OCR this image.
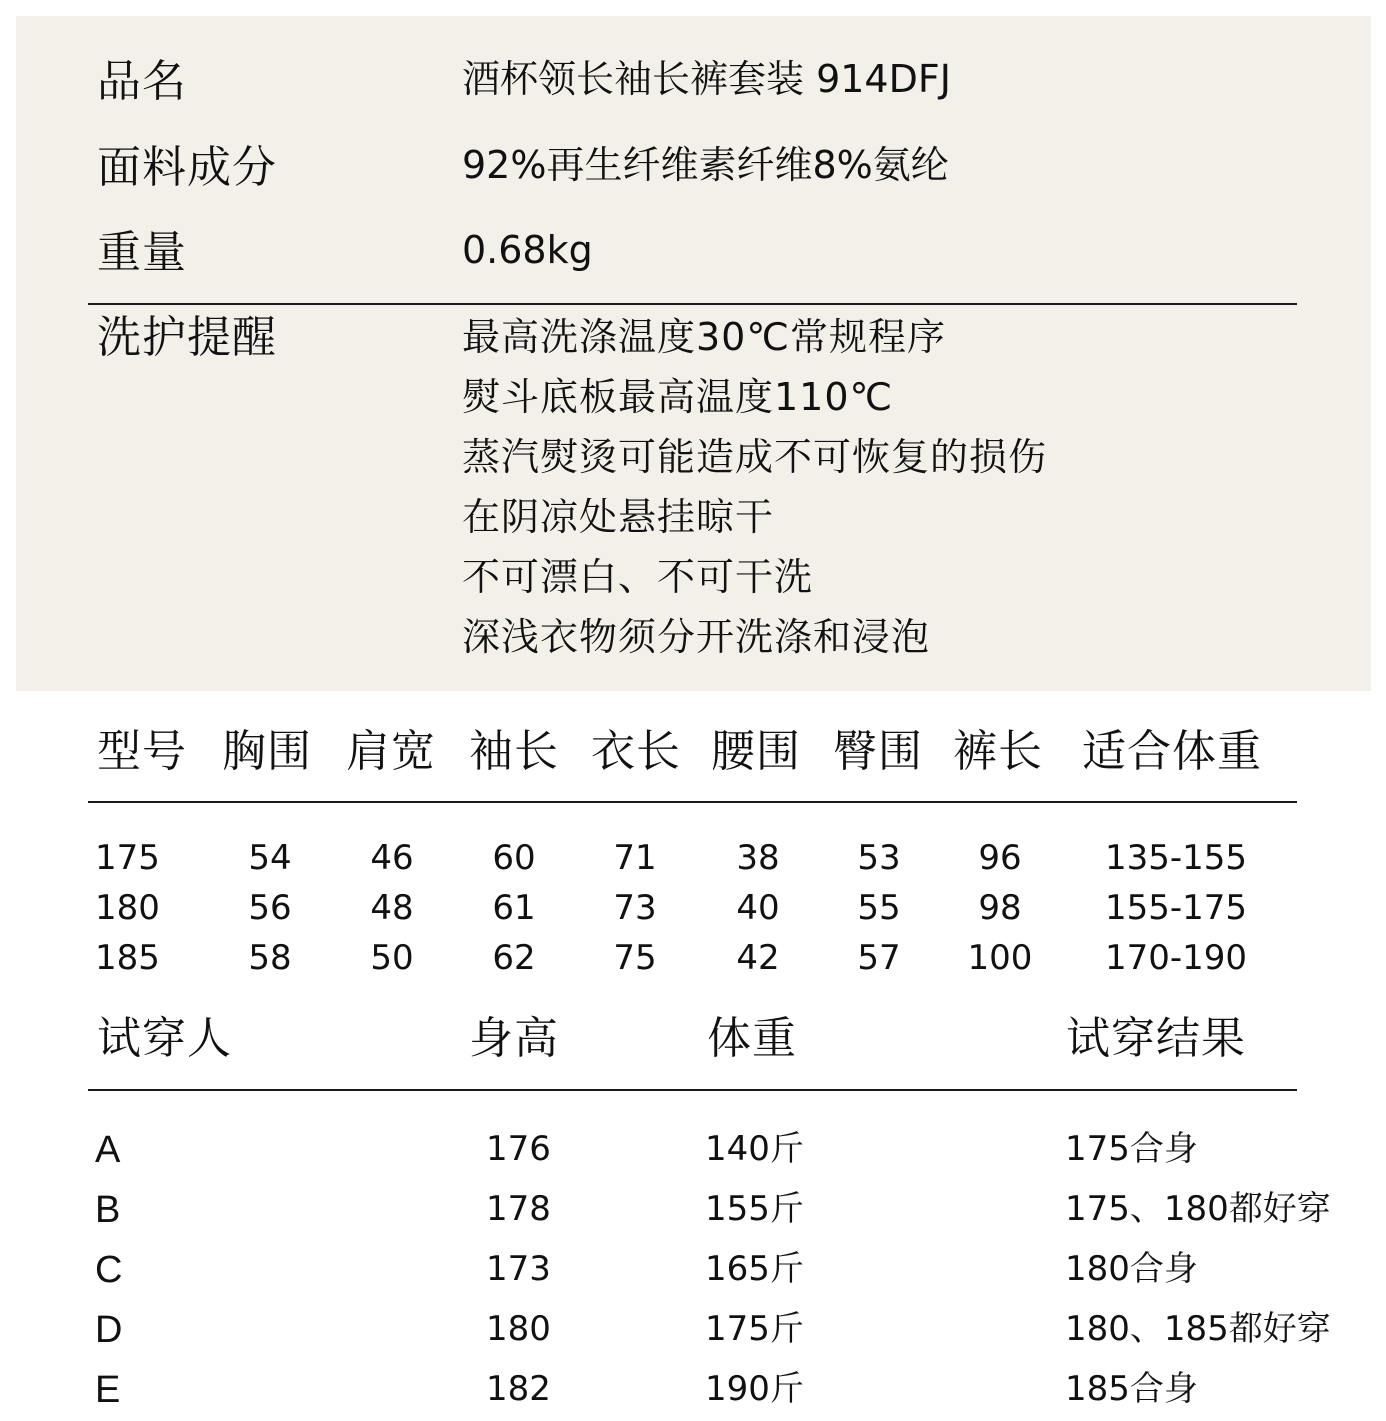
品名	酒杯领长袖长裤套装 914DFJ
面料成分	92%再生纤维素纤维8%氨纶
重量	0.68kg
洗护提醒	最高洗涤温度30℃常规程序
熨斗底板最高温度110℃
蒸汽熨烫可能造成不可恢复的损伤
在阴凉处悬挂晾干
不可漂白、不可干洗
深浅衣物须分开洗涤和浸泡
型号 胸围 肩宽 袖长 衣长 腰围 臀围 裤长 适合体重
175	54	46	60	71	38	53	96	135-155
180	56	48	61	73	40	55	98	155-175
185	58	50	62	75	42	57	100	170-190
试穿人	身高	体重	试穿结果
A	176	140斤	175合身
B	178	155斤	175、180都好穿
C	173	165斤	180合身
D	180	175斤	180、185都好穿
E	182	190斤	185合身
